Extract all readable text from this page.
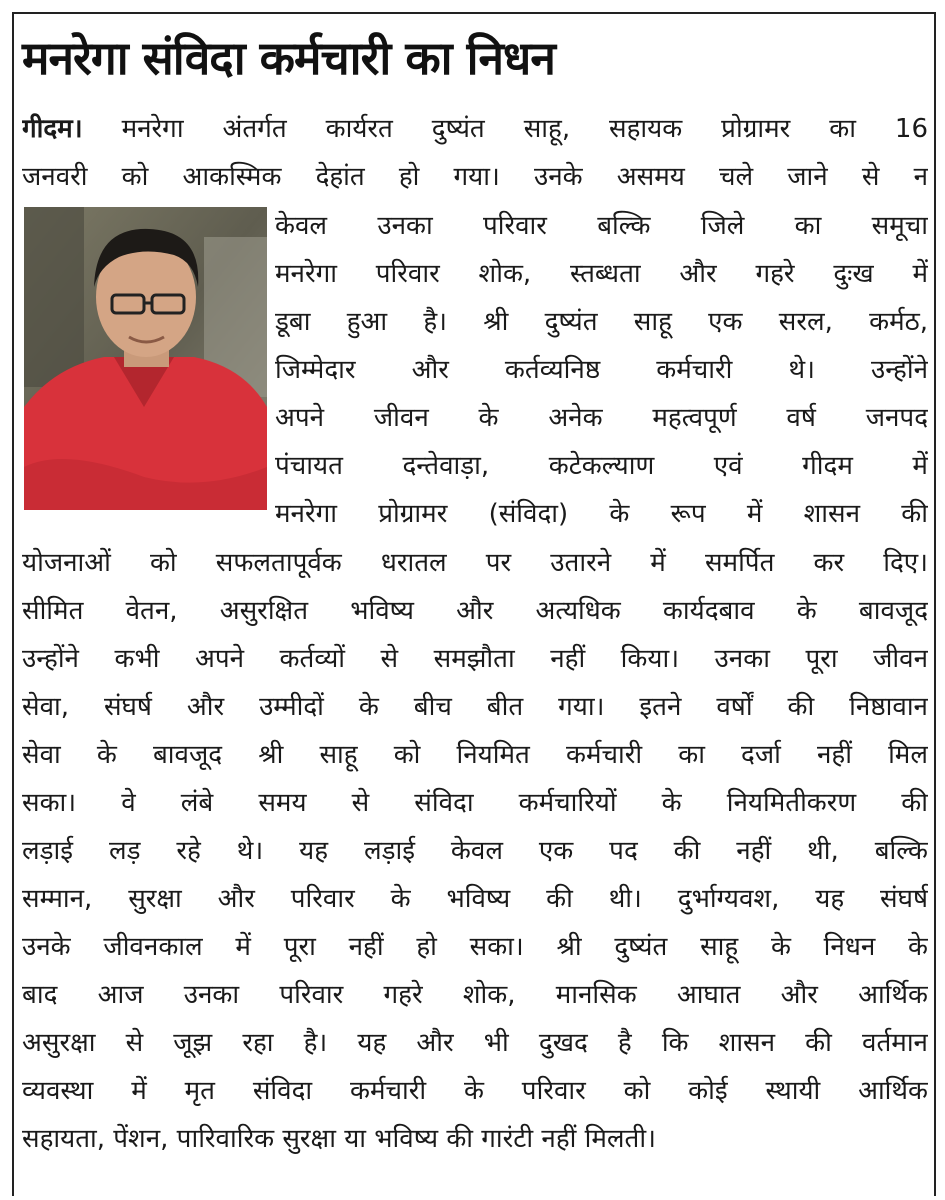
मनरेगा संविदा कर्मचारी का निधन
गीदम। मनरेगा अंतर्गत कार्यरत दुष्यंत साहू, सहायक प्रोग्रामर का 16
जनवरी को आकस्मिक देहांत हो गया। उनके असमय चले जाने से न
केवल उनका परिवार बल्कि जिले का समूचा
मनरेगा परिवार शोक, स्तब्धता और गहरे दुःख में
डूबा हुआ है। श्री दुष्यंत साहू एक सरल, कर्मठ,
जिम्मेदार और कर्तव्यनिष्ठ कर्मचारी थे। उन्होंने
अपने जीवन के अनेक महत्वपूर्ण वर्ष जनपद
पंचायत दन्तेवाड़ा, कटेकल्याण एवं गीदम में
मनरेगा प्रोग्रामर (संविदा) के रूप में शासन की
योजनाओं को सफलतापूर्वक धरातल पर उतारने में समर्पित कर दिए।
सीमित वेतन, असुरक्षित भविष्य और अत्यधिक कार्यदबाव के बावजूद
उन्होंने कभी अपने कर्तव्यों से समझौता नहीं किया। उनका पूरा जीवन
सेवा, संघर्ष और उम्मीदों के बीच बीत गया। इतने वर्षों की निष्ठावान
सेवा के बावजूद श्री साहू को नियमित कर्मचारी का दर्जा नहीं मिल
सका। वे लंबे समय से संविदा कर्मचारियों के नियमितीकरण की
लड़ाई लड़ रहे थे। यह लड़ाई केवल एक पद की नहीं थी, बल्कि
सम्मान, सुरक्षा और परिवार के भविष्य की थी। दुर्भाग्यवश, यह संघर्ष
उनके जीवनकाल में पूरा नहीं हो सका। श्री दुष्यंत साहू के निधन के
बाद आज उनका परिवार गहरे शोक, मानसिक आघात और आर्थिक
असुरक्षा से जूझ रहा है। यह और भी दुखद है कि शासन की वर्तमान
व्यवस्था में मृत संविदा कर्मचारी के परिवार को कोई स्थायी आर्थिक
सहायता, पेंशन, पारिवारिक सुरक्षा या भविष्य की गारंटी नहीं मिलती।
